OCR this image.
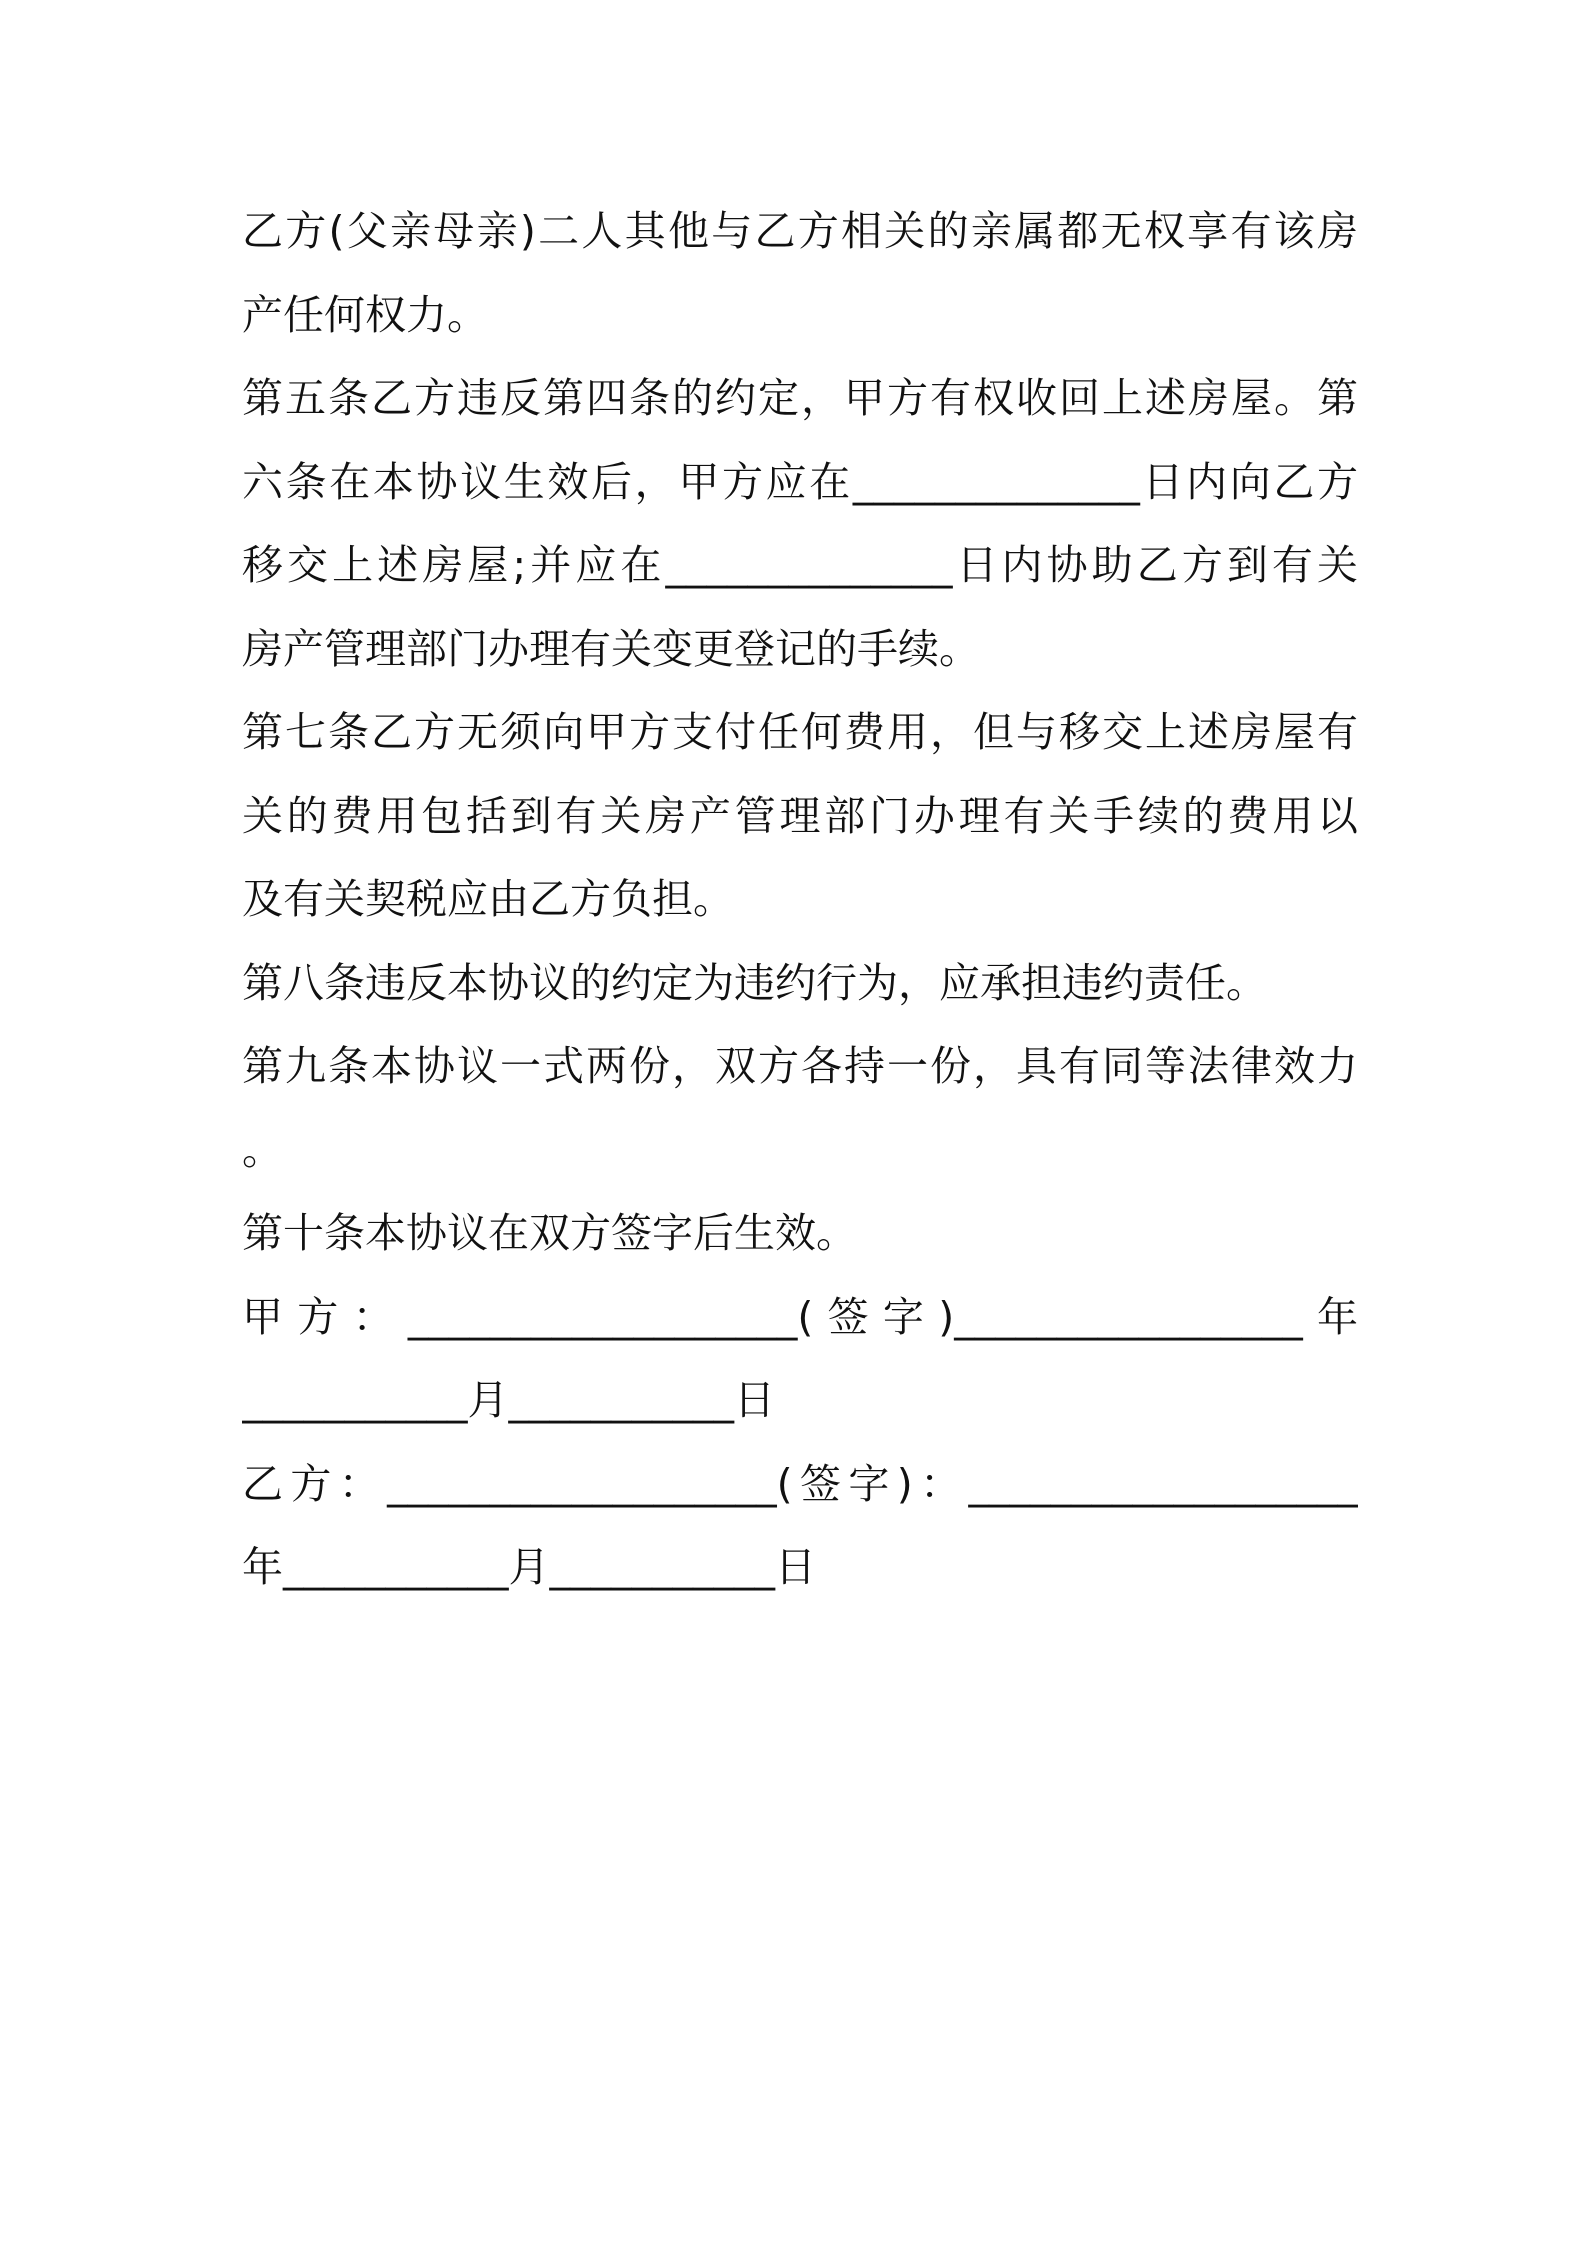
乙方(父亲母亲)二人其他与乙方相关的亲属都无权享有该房
产任何权力。
第五条乙方违反第四条的约定，甲方有权收回上述房屋。第
六条在本协议生效后，甲方应在______________日内向乙方
移交上述房屋;并应在______________日内协助乙方到有关
房产管理部门办理有关变更登记的手续。
第七条乙方无须向甲方支付任何费用，但与移交上述房屋有
关的费用包括到有关房产管理部门办理有关手续的费用以
及有关契税应由乙方负担。
第八条违反本协议的约定为违约行为，应承担违约责任。
第九条本协议一式两份，双方各持一份，具有同等法律效力
。
第十条本协议在双方签字后生效。
甲方：___________________(签字)_________________年
___________月___________日
乙方：___________________(签字)：___________________
年___________月___________日
